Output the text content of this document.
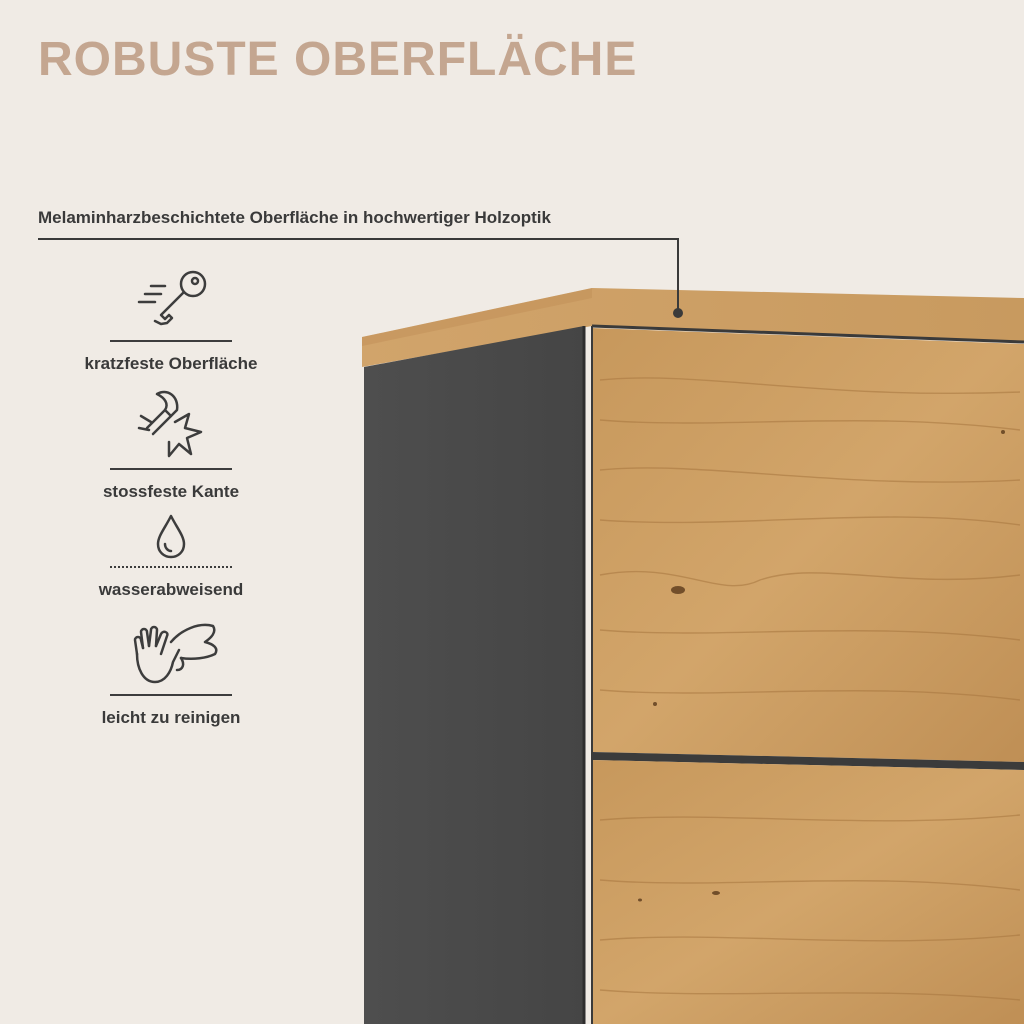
ROBUSTE OBERFLÄCHE
Melaminharzbeschichtete Oberfläche in hochwertiger Holzoptik
kratzfeste Oberfläche
stossfeste Kante
wasserabweisend
leicht zu reinigen
